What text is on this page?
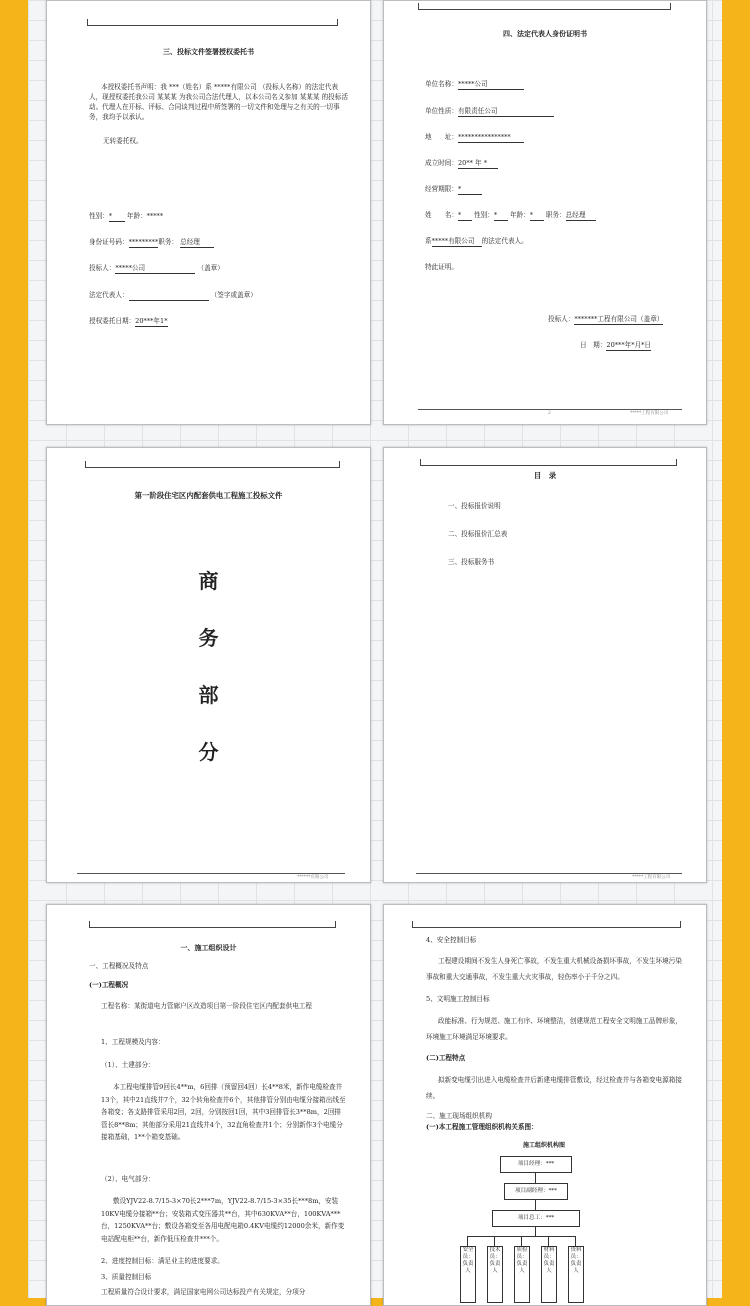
三、投标文件签署授权委托书
本授权委托书声明：我 ***（姓名）系 *****有限公司 （投标人名称）的法定代表人，现授权委托我公司 某某某 为我公司合法代理人，以本公司名义参加 某某某 的投标活动。代理人在开标、评标、合同谈判过程中所签署的一切文件和处理与之有关的一切事务，我均予以承认。
无转委托权。
性别：* 年龄：*****
身份证号码：*********职务： 总经理
投标人：*****公司	（盖章）
法定代表人：	（签字或盖章）
授权委托日期：20***年1*
四、法定代表人身份证明书
单位名称：*****公司
单位性质：有限责任公司
地　　址：****************
成立时间：20** 年 *
经营期限：*
姓　　名：* 性别：* 年龄：* 职务：总经理
系*****有限公司 的法定代表人。
特此证明。
投标人：*******工程有限公司（盖章）
日　期：20***年*月*日
2	*****工程有限公司
第一阶段住宅区内配套供电工程施工投标文件
商
务
部
分
******有限公司
目　录
一、投标报价说明
二、投标报价汇总表
三、投标服务书
*****工程有限公司
一、施工组织设计
一、工程概况及特点
(一)工程概况
工程名称：某街道电力管廊户区改造项目第一阶段住宅区内配套供电工程
1、工程规模及内容：
（1）、土建部分：
本工程电缆排管9回长4**m，6回排（预留回4回）长4**8米，新作电缆检查井13个，其中21直线井7个，32个转角检查井6个，其他排管分别由电缆分接箱出线至各箱变；各支路排管采用2回，2回，分别按回1回，其中3回排管长3**8m，2回排管长8**8m；其他部分采用21直线井4个，32直角检查井1个；分别新作3个电缆分接箱基础，1**个箱变基础。
（2）、电气部分：
敷设YJV22-8.7/15-3×70长2***7m，YJV22-8.7/15-3×35长***8m，安装10KV电缆分接箱**台；安装箱式变压器共**台，其中630KVA**台，100KVA***台，1250KVA**台；敷设各箱变至各用电配电箱0.4KV电缆约12000余米，新作变电站配电柜**台，新作低压检查井***个。
2、进度控制目标：满足业主的进度要求。
3、质量控制目标
工程质量符合设计要求，满足国家电网公司达标投产有关规定，分项分
4、安全控制目标
工程建设期间不发生人身死亡事故，不发生重大机械设备损坏事故，不发生环境污染事故和重大交通事故，不发生重大火灾事故，轻伤率小于千分之四。
5、文明施工控制目标
政能标准、行为规范、施工有序、环境整洁，创建规范工程安全文明施工品牌形象，环境施工环境满足环境要求。
(二)工程特点
拟新变电缆引出进入电缆检查井后新建电缆排管敷设，经过检查井与各箱变电源箱接续。
二、施工现场组织机构
(一)本工程施工管理组织机构关系图：
施工组织机构图
项目经理：***
项目副经理：***
项目总工：***
安全员：负责人
技术员：负责人
质检员：负责人
材料员：负责人
资料员：负责人
